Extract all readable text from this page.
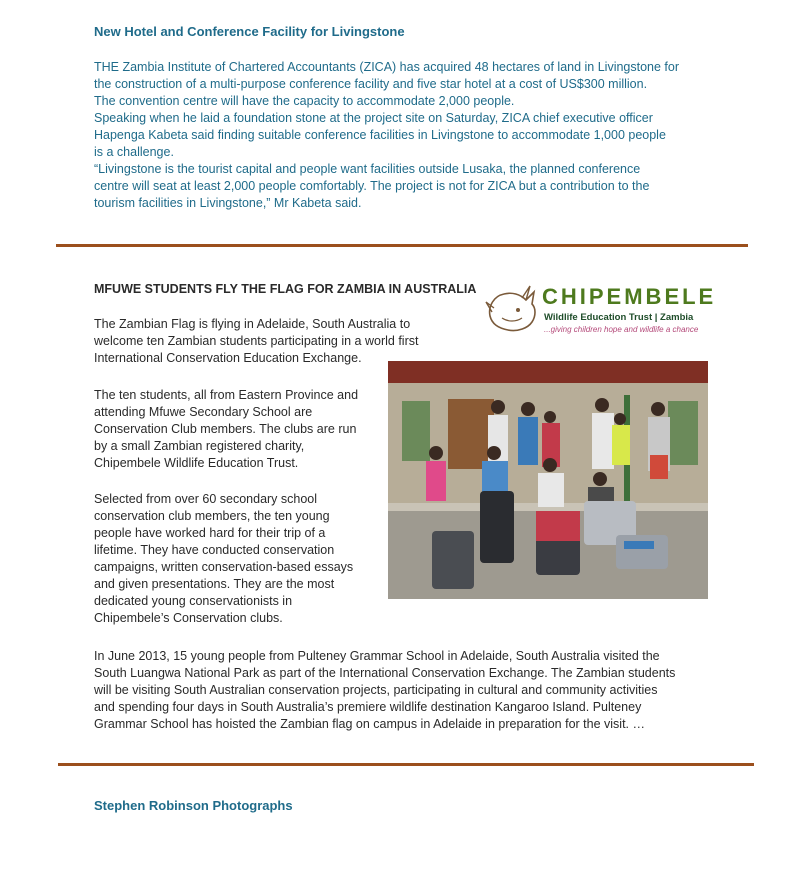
New Hotel and Conference Facility for Livingstone
THE Zambia Institute of Chartered Accountants (ZICA) has acquired 48 hectares of land in Livingstone for
the construction of a multi-purpose conference facility and five star hotel at a cost of US$300 million.
The convention centre will have the capacity to accommodate 2,000 people.
Speaking when he laid a foundation stone at the project site on Saturday, ZICA chief executive officer
Hapenga Kabeta said finding suitable conference facilities in Livingstone to accommodate 1,000 people
is a challenge.
“Livingstone is the tourist capital and people want facilities outside Lusaka, the planned conference
centre will seat at least 2,000 people comfortably. The project is not for ZICA but a contribution to the
tourism facilities in Livingstone,” Mr Kabeta said.
MFUWE STUDENTS FLY THE FLAG FOR ZAMBIA IN AUSTRALIA	CHIPEMBELE
Wildlife Education Trust | Zambia
...giving children hope and wildlife a chance
The Zambian Flag is flying in Adelaide, South Australia to
welcome ten Zambian students participating in a world first
International Conservation Education Exchange.
The ten students, all from Eastern Province and
attending Mfuwe Secondary School are
Conservation Club members. The clubs are run
by a small Zambian registered charity,
Chipembele Wildlife Education Trust.
Selected from over 60 secondary school
conservation club members, the ten young
people have worked hard for their trip of a
lifetime. They have conducted conservation
campaigns, written conservation-based essays
and given presentations. They are the most
dedicated young conservationists in
Chipembele’s Conservation clubs.
In June 2013, 15 young people from Pulteney Grammar School in Adelaide, South Australia visited the
South Luangwa National Park as part of the International Conservation Exchange. The Zambian students
will be visiting South Australian conservation projects, participating in cultural and community activities
and spending four days in South Australia’s premiere wildlife destination Kangaroo Island. Pulteney
Grammar School has hoisted the Zambian flag on campus in Adelaide in preparation for the visit. …
Stephen Robinson Photographs
